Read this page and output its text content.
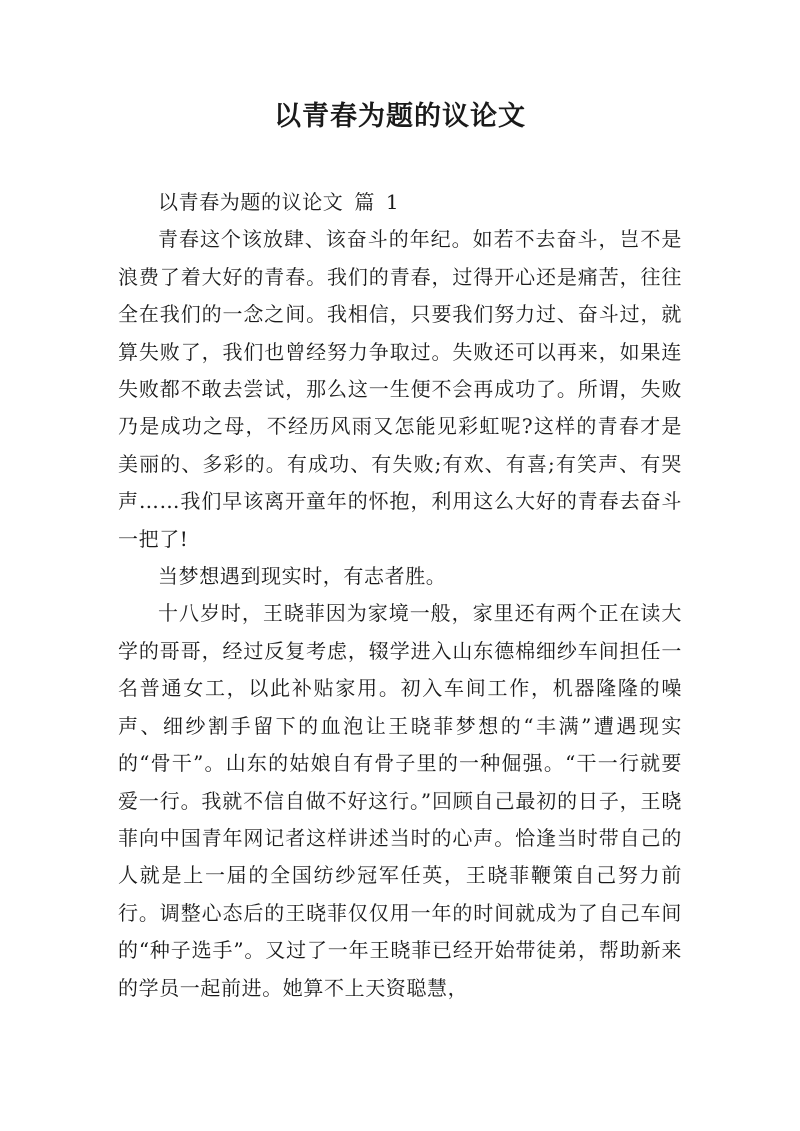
以青春为题的议论文

以青春为题的议论文 篇 1

青春这个该放肆、该奋斗的年纪。如若不去奋斗，岂不是浪费了着大好的青春。我们的青春，过得开心还是痛苦，往往全在我们的一念之间。我相信，只要我们努力过、奋斗过，就算失败了，我们也曾经努力争取过。失败还可以再来，如果连失败都不敢去尝试，那么这一生便不会再成功了。所谓，失败乃是成功之母，不经历风雨又怎能见彩虹呢?这样的青春才是美丽的、多彩的。有成功、有失败;有欢、有喜;有笑声、有哭声……我们早该离开童年的怀抱，利用这么大好的青春去奋斗一把了!

当梦想遇到现实时，有志者胜。

十八岁时，王晓菲因为家境一般，家里还有两个正在读大学的哥哥，经过反复考虑，辍学进入山东德棉细纱车间担任一名普通女工，以此补贴家用。初入车间工作，机器隆隆的噪声、细纱割手留下的血泡让王晓菲梦想的“丰满”遭遇现实的“骨干”。山东的姑娘自有骨子里的一种倔强。“干一行就要爱一行。我就不信自做不好这行。”回顾自己最初的日子，王晓菲向中国青年网记者这样讲述当时的心声。恰逢当时带自己的人就是上一届的全国纺纱冠军任英，王晓菲鞭策自己努力前行。调整心态后的王晓菲仅仅用一年的时间就成为了自己车间的“种子选手”。又过了一年王晓菲已经开始带徒弟，帮助新来的学员一起前进。她算不上天资聪慧，
